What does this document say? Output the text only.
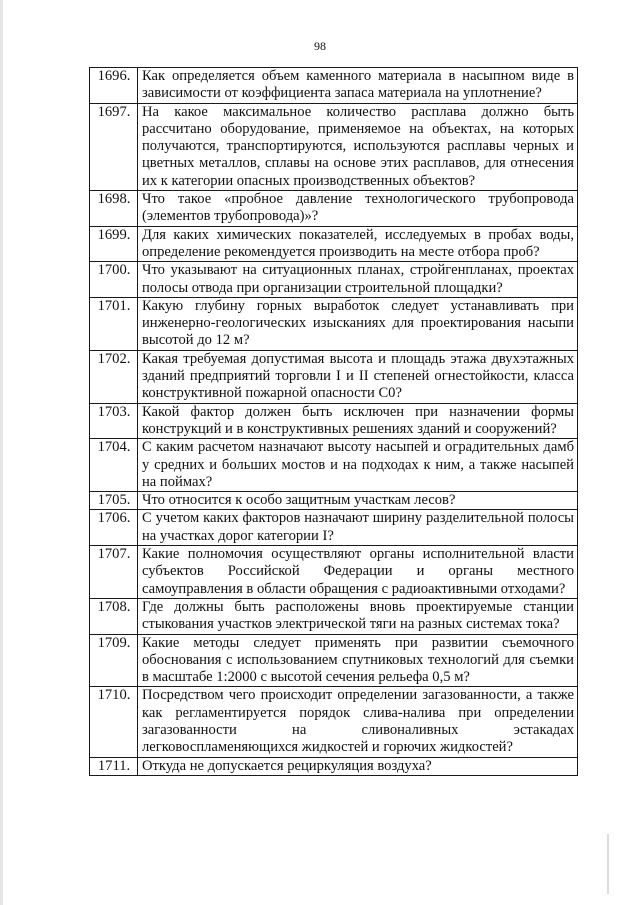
98
1696.	Как определяется объем каменного материала в насыпном виде в зависимости от коэффициента запаса материала на уплотнение?
1697.	На какое максимальное количество расплава должно быть рассчитано оборудование, применяемое на объектах, на которых получаются, транспортируются, используются расплавы черных и цветных металлов, сплавы на основе этих расплавов, для отнесения их к категории опасных производственных объектов?
1698.	Что такое «пробное давление технологического трубопровода (элементов трубопровода)»?
1699.	Для каких химических показателей, исследуемых в пробах воды, определение рекомендуется производить на месте отбора проб?
1700.	Что указывают на ситуационных планах, стройгенпланах, проектах полосы отвода при организации строительной площадки?
1701.	Какую глубину горных выработок следует устанавливать при инженерно-геологических изысканиях для проектирования насыпи высотой до 12 м?
1702.	Какая требуемая допустимая высота и площадь этажа двухэтажных зданий предприятий торговли I и II степеней огнестойкости, класса конструктивной пожарной опасности С0?
1703.	Какой фактор должен быть исключен при назначении формы конструкций и в конструктивных решениях зданий и сооружений?
1704.	С каким расчетом назначают высоту насыпей и оградительных дамб у средних и больших мостов и на подходах к ним, а также насыпей на поймах?
1705.	Что относится к особо защитным участкам лесов?
1706.	С учетом каких факторов назначают ширину разделительной полосы на участках дорог категории I?
1707.	Какие полномочия осуществляют органы исполнительной власти субъектов Российской Федерации и органы местного самоуправления в области обращения с радиоактивными отходами?
1708.	Где должны быть расположены вновь проектируемые станции стыкования участков электрической тяги на разных системах тока?
1709.	Какие методы следует применять при развитии съемочного обоснования с использованием спутниковых технологий для съемки в масштабе 1:2000 с высотой сечения рельефа 0,5 м?
1710.	Посредством чего происходит определении загазованности, а также как регламентируется порядок слива-налива при определении загазованности на сливоналивных эстакадах легковоспламеняющихся жидкостей и горючих жидкостей?
1711.	Откуда не допускается рециркуляция воздуха?
